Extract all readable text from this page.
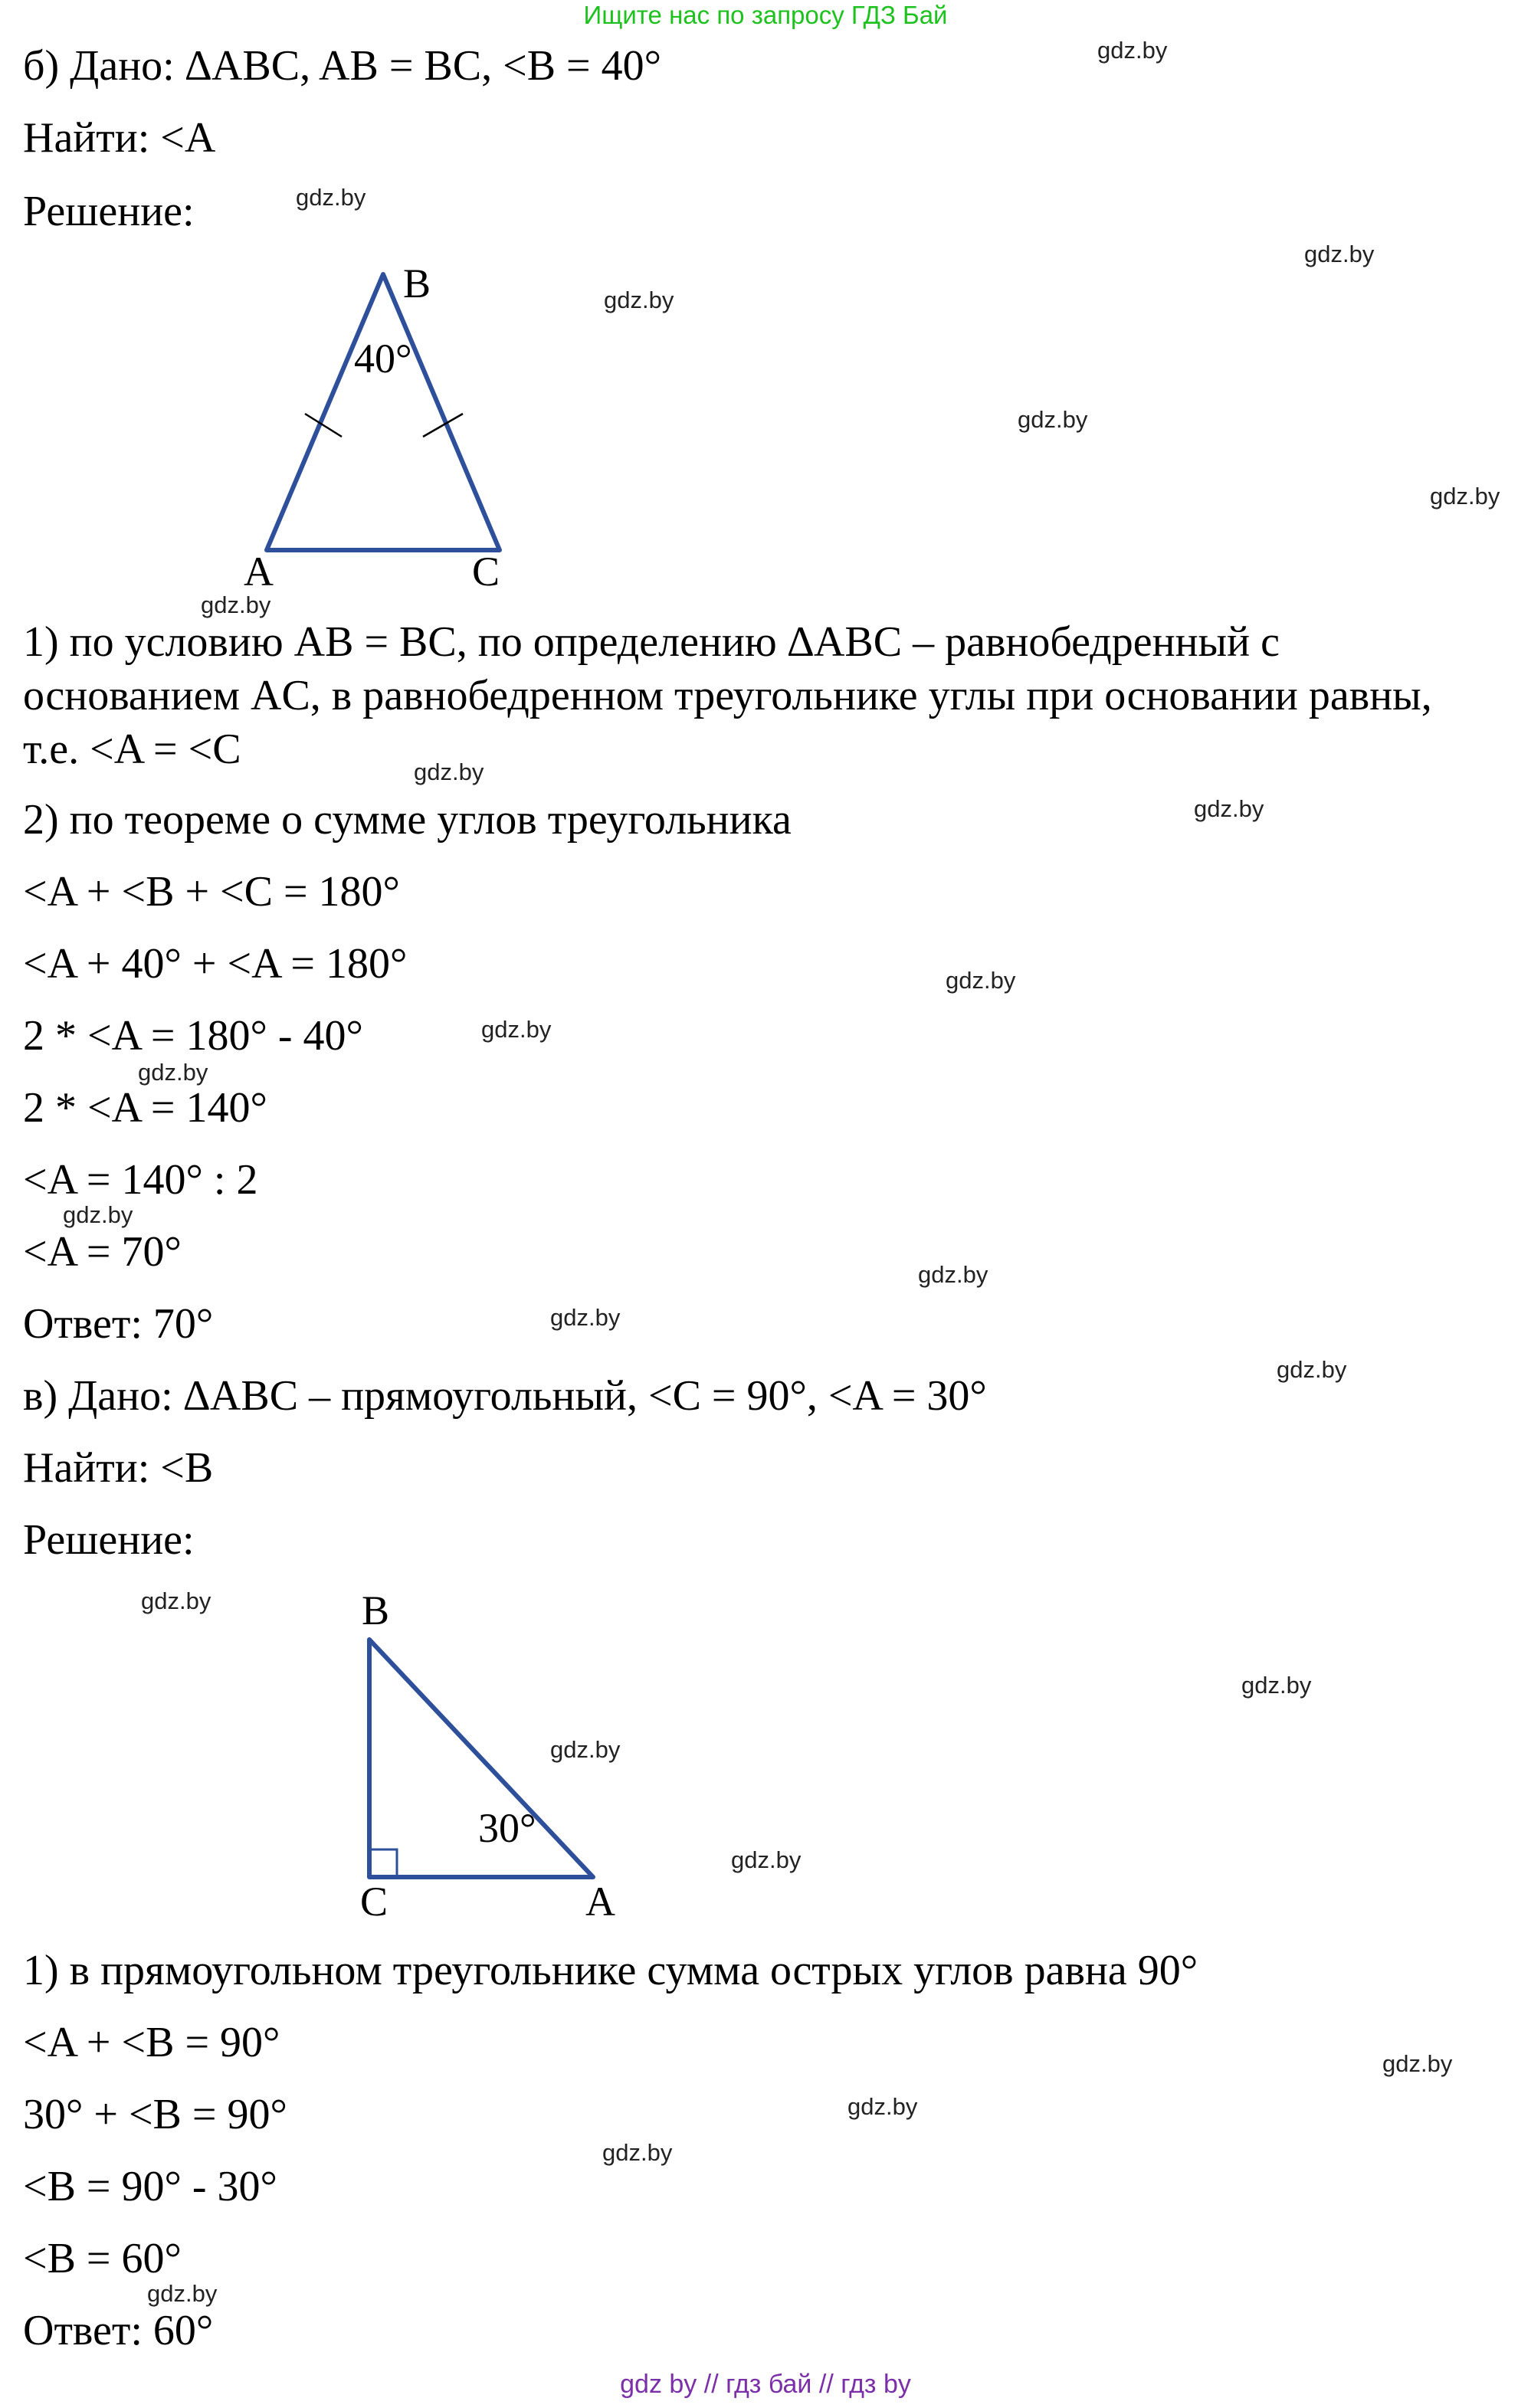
Ищите нас по запросу ГДЗ Бай
б) Дано: ∆ABC, AB = BC, <B = 40°
Найти: <A
Решение:
B
40°
A	C
B
30°
C	A
1) по условию AB = BC, по определению ∆ABC – равнобедренный с
основанием AC, в равнобедренном треугольнике углы при основании равны,
т.е. <A = <C
2) по теореме о сумме углов треугольника
<A + <B + <C = 180°
<A + 40° + <A = 180°
2 * <A = 180° - 40°
2 * <A = 140°
<A = 140° : 2
<A = 70°
Ответ: 70°
в) Дано: ∆ABC – прямоугольный, <C = 90°, <A = 30°
Найти: <B
Решение:
1) в прямоугольном треугольнике сумма острых углов равна 90°
<A + <B = 90°
30° + <B = 90°
<B = 90° - 30°
<B = 60°
Ответ: 60°
gdz.by
gdz.by
gdz.by
gdz.by
gdz.by
gdz.by
gdz.by
gdz.by
gdz.by
gdz.by
gdz.by
gdz.by
gdz.by
gdz.by
gdz.by
gdz.by
gdz.by
gdz.by
gdz.by
gdz.by
gdz.by
gdz.by
gdz.by
gdz.by
gdz by // гдз бай // гдз by
